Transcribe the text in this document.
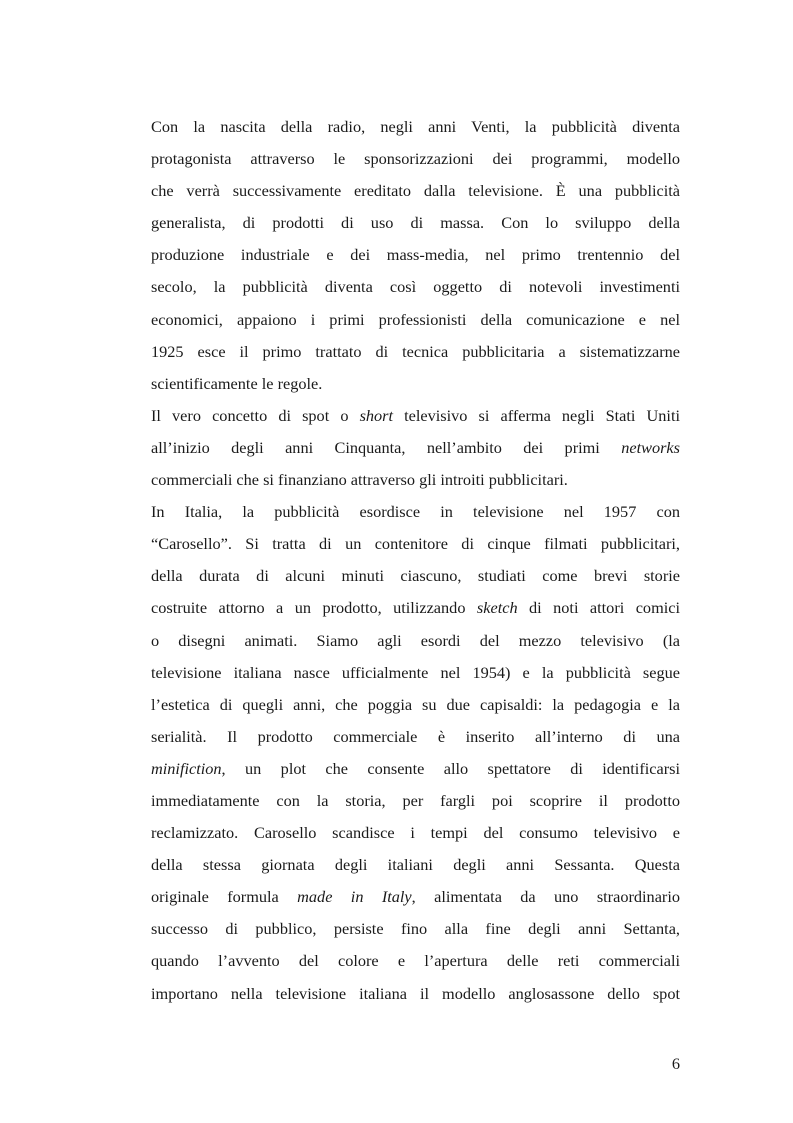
Con la nascita della radio, negli anni Venti, la pubblicità diventa
protagonista attraverso le sponsorizzazioni dei programmi, modello
che verrà successivamente ereditato dalla televisione. È una pubblicità
generalista, di prodotti di uso di massa. Con lo sviluppo della
produzione industriale e dei mass-media, nel primo trentennio del
secolo, la pubblicità diventa così oggetto di notevoli investimenti
economici, appaiono i primi professionisti della comunicazione e nel
1925 esce il primo trattato di tecnica pubblicitaria a sistematizzarne
scientificamente le regole.
Il vero concetto di spot o short televisivo si afferma negli Stati Uniti
all’inizio degli anni Cinquanta, nell’ambito dei primi networks
commerciali che si finanziano attraverso gli introiti pubblicitari.
In Italia, la pubblicità esordisce in televisione nel 1957 con
“Carosello”. Si tratta di un contenitore di cinque filmati pubblicitari,
della durata di alcuni minuti ciascuno, studiati come brevi storie
costruite attorno a un prodotto, utilizzando sketch di noti attori comici
o disegni animati. Siamo agli esordi del mezzo televisivo (la
televisione italiana nasce ufficialmente nel 1954) e la pubblicità segue
l’estetica di quegli anni, che poggia su due capisaldi: la pedagogia e la
serialità. Il prodotto commerciale è inserito all’interno di una
minifiction, un plot che consente allo spettatore di identificarsi
immediatamente con la storia, per fargli poi scoprire il prodotto
reclamizzato. Carosello scandisce i tempi del consumo televisivo e
della stessa giornata degli italiani degli anni Sessanta. Questa
originale formula made in Italy, alimentata da uno straordinario
successo di pubblico, persiste fino alla fine degli anni Settanta,
quando l’avvento del colore e l’apertura delle reti commerciali
importano nella televisione italiana il modello anglosassone dello spot
6
